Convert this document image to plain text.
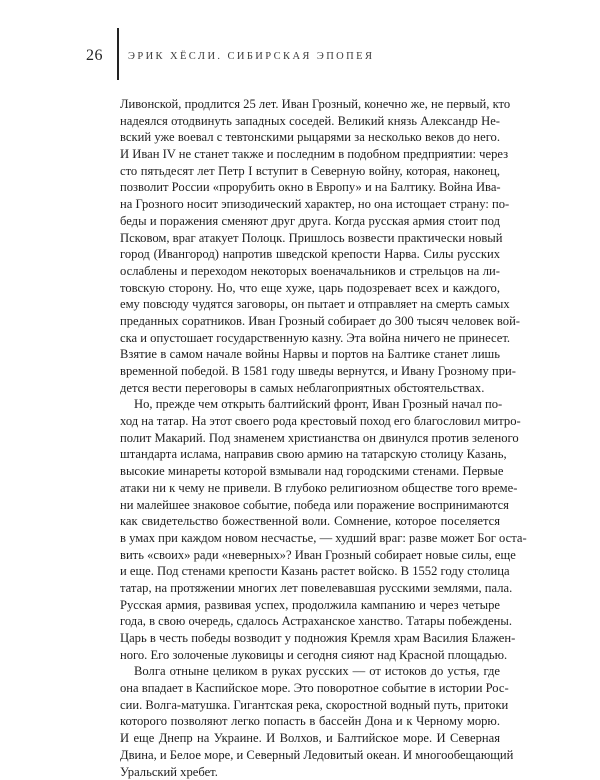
26 ЭРИК ХЁСЛИ. СИБИРСКАЯ ЭПОПЕЯ
Ливонской, продлится 25 лет. Иван Грозный, конечно же, не первый, кто
надеялся отодвинуть западных соседей. Великий князь Александр Не-
вский уже воевал с тевтонскими рыцарями за несколько веков до него.
И Иван IV не станет также и последним в подобном предприятии: через
сто пятьдесят лет Петр I вступит в Северную войну, которая, наконец,
позволит России «прорубить окно в Европу» и на Балтику. Война Ива-
на Грозного носит эпизодический характер, но она истощает страну: по-
беды и поражения сменяют друг друга. Когда русская армия стоит под
Псковом, враг атакует Полоцк. Пришлось возвести практически новый
город (Ивангород) напротив шведской крепости Нарва. Силы русских
ослаблены и переходом некоторых военачальников и стрельцов на ли-
товскую сторону. Но, что еще хуже, царь подозревает всех и каждого,
ему повсюду чудятся заговоры, он пытает и отправляет на смерть самых
преданных соратников. Иван Грозный собирает до 300 тысяч человек вой-
ска и опустошает государственную казну. Эта война ничего не принесет.
Взятие в самом начале войны Нарвы и портов на Балтике станет лишь
временной победой. В 1581 году шведы вернутся, и Ивану Грозному при-
дется вести переговоры в самых неблагоприятных обстоятельствах.
Но, прежде чем открыть балтийский фронт, Иван Грозный начал по-
ход на татар. На этот своего рода крестовый поход его благословил митро-
полит Макарий. Под знаменем христианства он двинулся против зеленого
штандарта ислама, направив свою армию на татарскую столицу Казань,
высокие минареты которой взмывали над городскими стенами. Первые
атаки ни к чему не привели. В глубоко религиозном обществе того време-
ни малейшее знаковое событие, победа или поражение воспринимаются
как свидетельство божественной воли. Сомнение, которое поселяется
в умах при каждом новом несчастье, — худший враг: разве может Бог оста-
вить «своих» ради «неверных»? Иван Грозный собирает новые силы, еще
и еще. Под стенами крепости Казань растет войско. В 1552 году столица
татар, на протяжении многих лет повелевавшая русскими землями, пала.
Русская армия, развивая успех, продолжила кампанию и через четыре
года, в свою очередь, сдалось Астраханское ханство. Татары побеждены.
Царь в честь победы возводит у подножия Кремля храм Василия Блажен-
ного. Его золоченые луковицы и сегодня сияют над Красной площадью.
Волга отныне целиком в руках русских — от истоков до устья, где
она впадает в Каспийское море. Это поворотное событие в истории Рос-
сии. Волга-матушка. Гигантская река, скоростной водный путь, притоки
которого позволяют легко попасть в бассейн Дона и к Черному морю.
И еще Днепр на Украине. И Волхов, и Балтийское море. И Северная
Двина, и Белое море, и Северный Ледовитый океан. И многообещающий
Уральский хребет.
